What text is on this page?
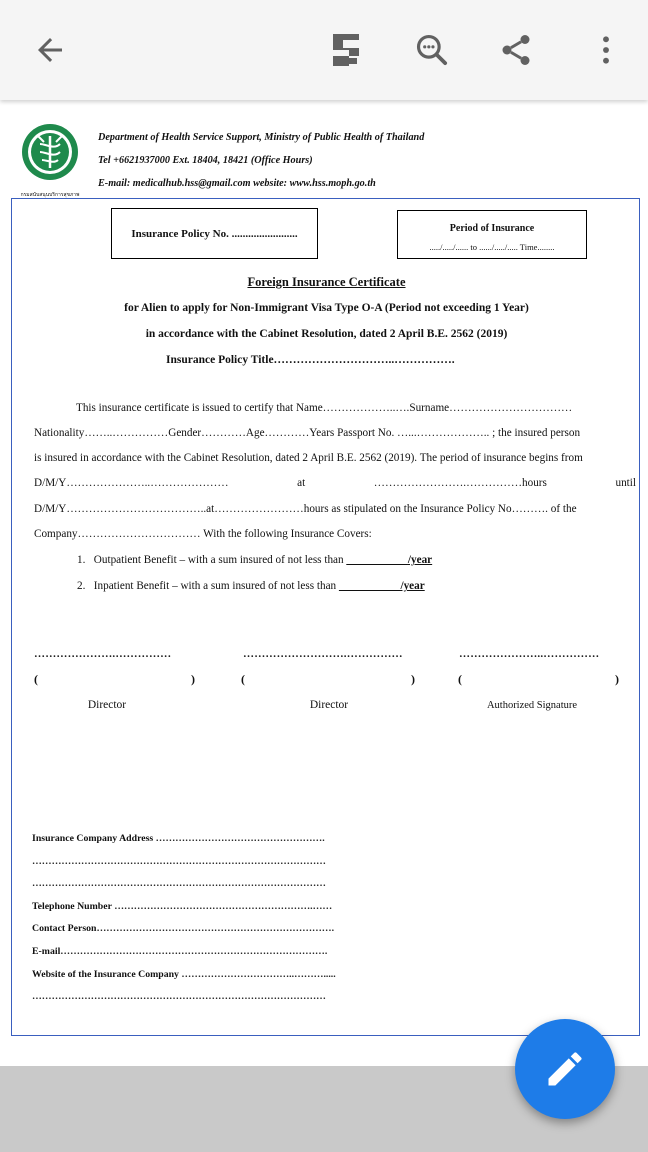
กรมสนับสนุนบริการสุขภาพ
Department of Health Service Support, Ministry of Public Health of Thailand
Tel +6621937000 Ext. 18404, 18421 (Office Hours)
E-mail: medicalhub.hss@gmail.com website: www.hss.moph.go.th
Insurance Policy No. ........................	Period of Insurance
...../...../...... to ....../...../..... Time........
Foreign Insurance Certificate
for Alien to apply for Non-Immigrant Visa Type O-A (Period not exceeding 1 Year)
in accordance with the Cabinet Resolution, dated 2 April B.E. 2562 (2019)
Insurance Policy Title…………………………..…………….
This insurance certificate is issued to certify that Name………………..….Surname……………………………
Nationality……..……………Gender…………Age…………Years Passport No. …...……………….. ; the insured person
is insured in accordance with the Cabinet Resolution, dated 2 April B.E. 2562 (2019). The period of insurance begins from
D/M/Y…………………..…………………	at	…………………….……………hours	until
D/M/Y………………………………..at……………………hours as stipulated on the Insurance Policy No………. of the
Company…………………………… With the following Insurance Covers:
1. Outpatient Benefit – with a sum insured of not less than ___________/year
2. Inpatient Benefit – with a sum insured of not less than ___________/year
………………….……………	……………………….……………	…………………..……………
(	)	(	)	(	)
Director	Director	Authorized Signature
Insurance Company Address …………………………………………….
………………………………………………………………………………
………………………………………………………………………………
Telephone Number …………………………………………………….……
Contact Person……………………………………………………………….
E-mail……………………………………………………………………….
Website of the Insurance Company ……………………………..……….....
………………………………………………………………………………
